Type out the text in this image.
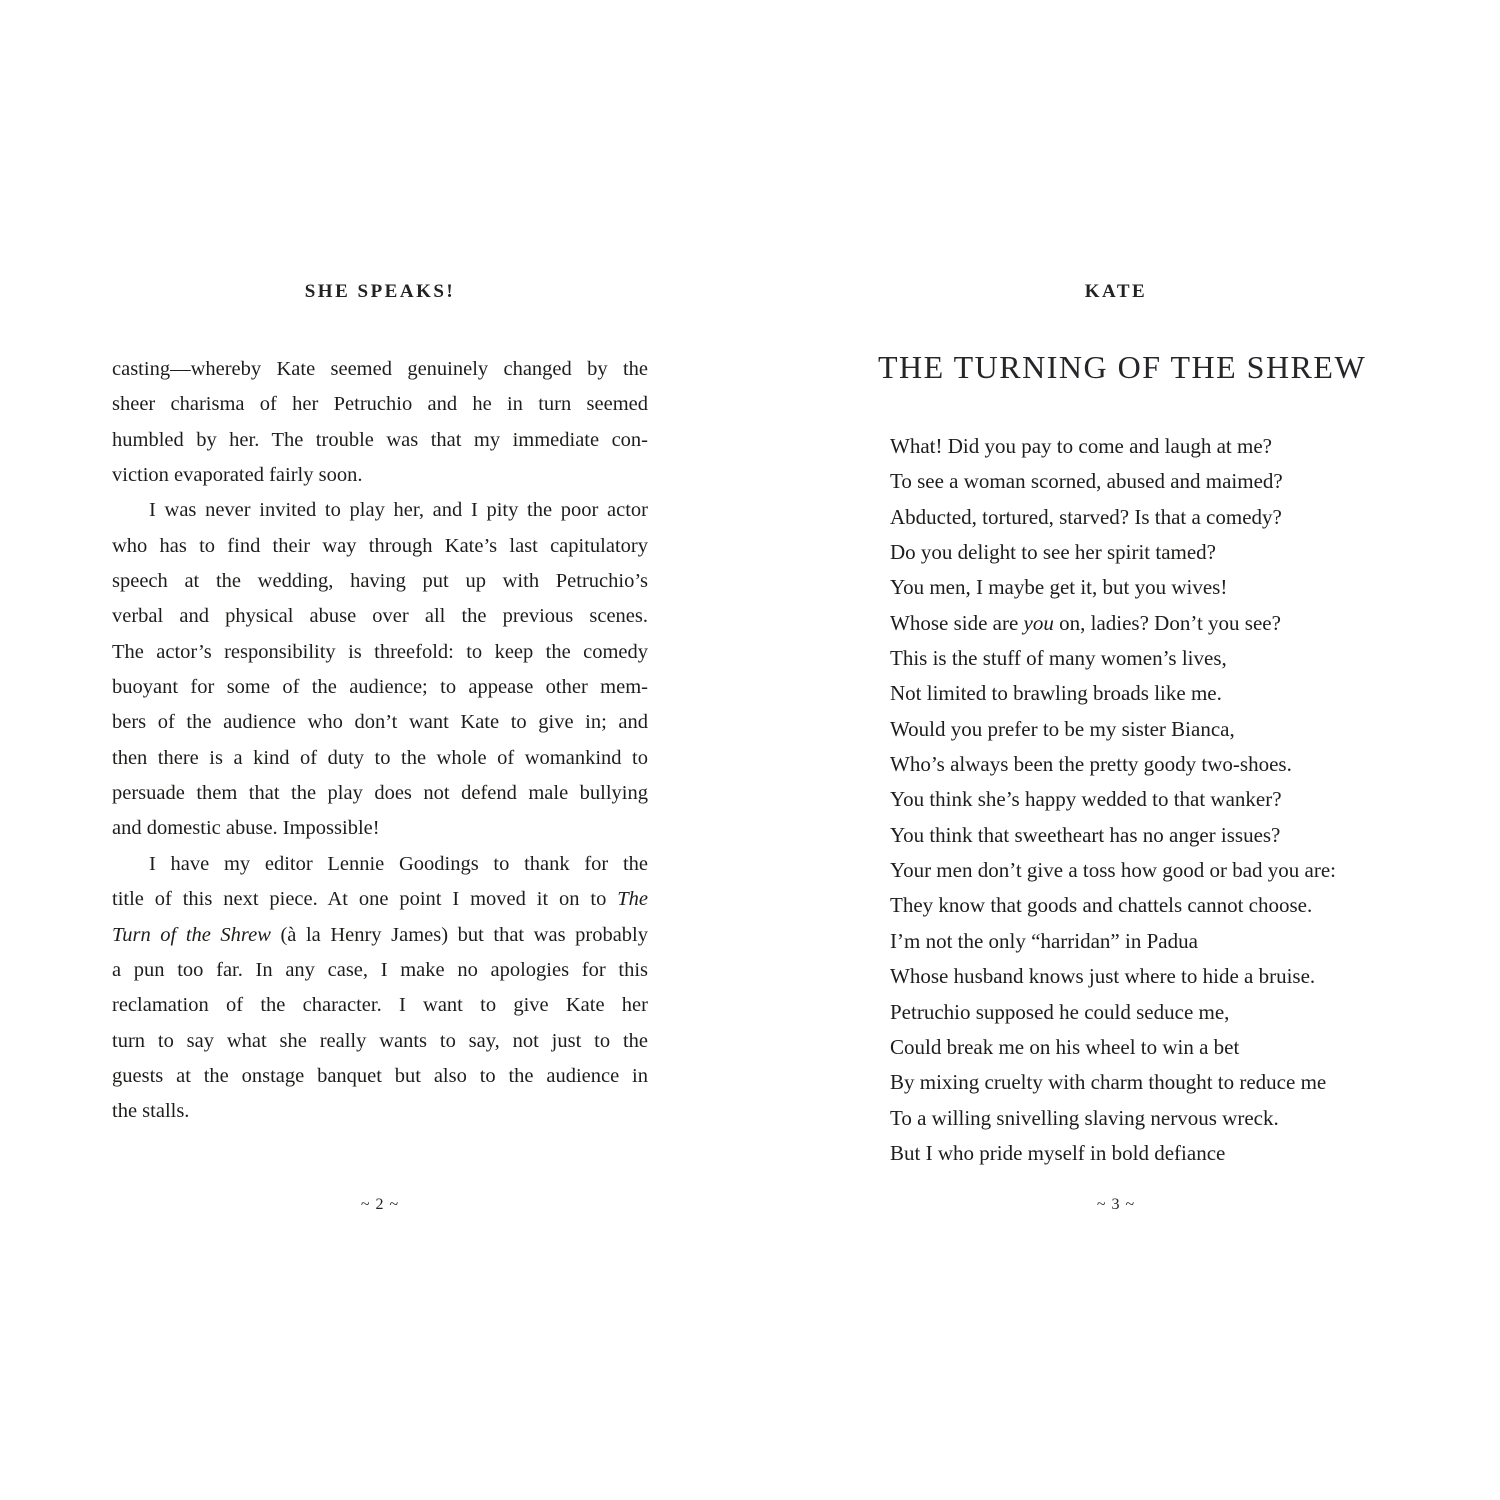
SHE SPEAKS!
casting—whereby Kate seemed genuinely changed by the
sheer charisma of her Petruchio and he in turn seemed
humbled by her. The trouble was that my immediate con-
viction evaporated fairly soon.
I was never invited to play her, and I pity the poor actor
who has to find their way through Kate’s last capitulatory
speech at the wedding, having put up with Petruchio’s
verbal and physical abuse over all the previous scenes.
The actor’s responsibility is threefold: to keep the comedy
buoyant for some of the audience; to appease other mem-
bers of the audience who don’t want Kate to give in; and
then there is a kind of duty to the whole of womankind to
persuade them that the play does not defend male bullying
and domestic abuse. Impossible!
I have my editor Lennie Goodings to thank for the
title of this next piece. At one point I moved it on to The
Turn of the Shrew (à la Henry James) but that was probably
a pun too far. In any case, I make no apologies for this
reclamation of the character. I want to give Kate her
turn to say what she really wants to say, not just to the
guests at the onstage banquet but also to the audience in
the stalls.
~ 2 ~
KATE
THE TURNING OF THE SHREW
What! Did you pay to come and laugh at me?
To see a woman scorned, abused and maimed?
Abducted, tortured, starved? Is that a comedy?
Do you delight to see her spirit tamed?
You men, I maybe get it, but you wives!
Whose side are you on, ladies? Don’t you see?
This is the stuff of many women’s lives,
Not limited to brawling broads like me.
Would you prefer to be my sister Bianca,
Who’s always been the pretty goody two-shoes.
You think she’s happy wedded to that wanker?
You think that sweetheart has no anger issues?
Your men don’t give a toss how good or bad you are:
They know that goods and chattels cannot choose.
I’m not the only “harridan” in Padua
Whose husband knows just where to hide a bruise.
Petruchio supposed he could seduce me,
Could break me on his wheel to win a bet
By mixing cruelty with charm thought to reduce me
To a willing snivelling slaving nervous wreck.
But I who pride myself in bold defiance
~ 3 ~
